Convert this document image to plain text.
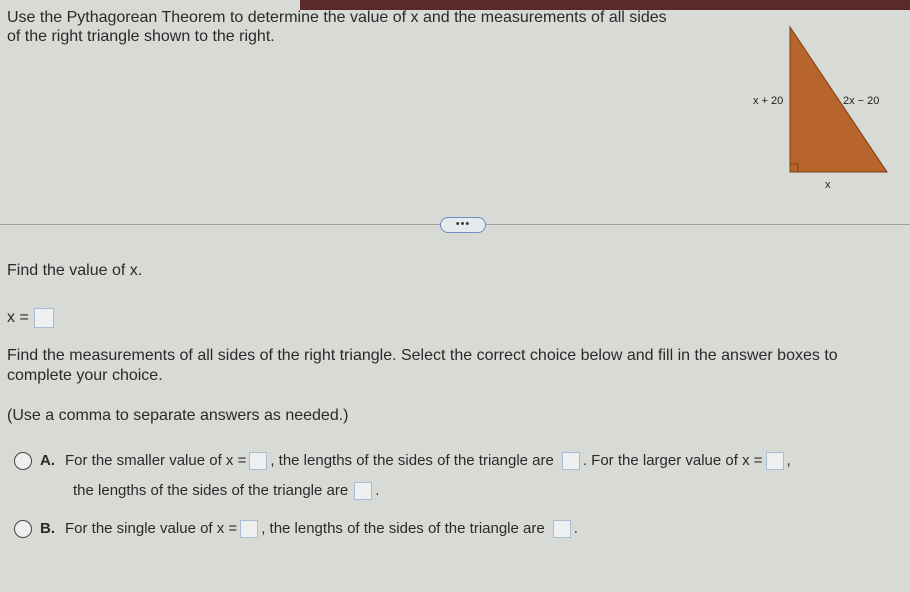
Use the Pythagorean Theorem to determine the value of x and the measurements of all sides
of the right triangle shown to the right.
x + 20	2x − 20
x
•••
Find the value of x.
x =
Find the measurements of all sides of the right triangle. Select the correct choice below and fill in the answer boxes to complete your choice.
(Use a comma to separate answers as needed.)
A. For the smaller value of x = , the lengths of the sides of the triangle are . For the larger value of x = ,
the lengths of the sides of the triangle are .
B. For the single value of x = , the lengths of the sides of the triangle are .
